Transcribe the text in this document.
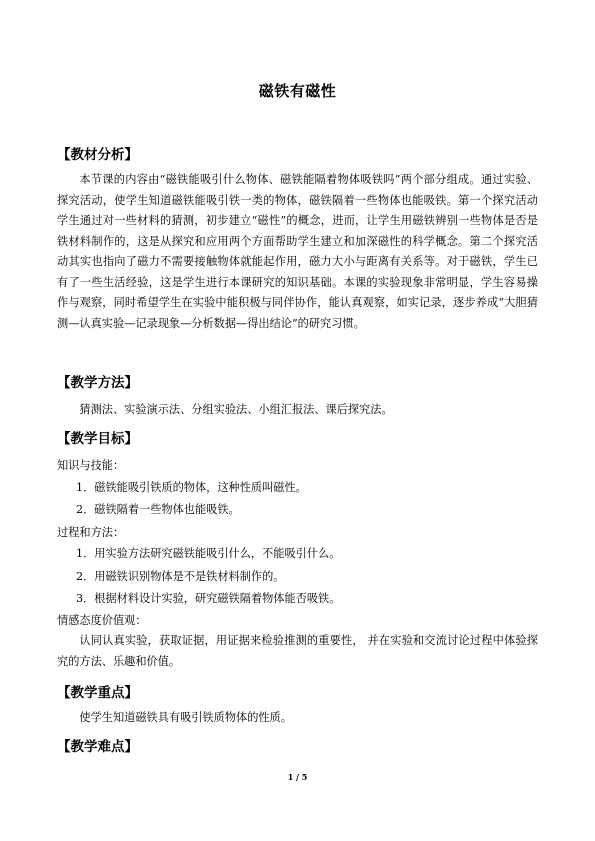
磁铁有磁性
【教材分析】

本节课的内容由“磁铁能吸引什么物体、磁铁能隔着物体吸铁吗”两个部分组成。通过实验、探究活动，使学生知道磁铁能吸引铁一类的物体，磁铁隔着一些物体也能吸铁。第一个探究活动学生通过对一些材料的猜测，初步建立“磁性”的概念，进而，让学生用磁铁辨别一些物体是否是铁材料制作的，这是从探究和应用两个方面帮助学生建立和加深磁性的科学概念。第二个探究活动其实也指向了磁力不需要接触物体就能起作用，磁力大小与距离有关系等。对于磁铁，学生已有了一些生活经验，这是学生进行本课研究的知识基础。本课的实验现象非常明显，学生容易操作与观察，同时希望学生在实验中能积极与同伴协作，能认真观察，如实记录，逐步养成“大胆猜测—认真实验—记录现象—分析数据—得出结论”的研究习惯。

【教学方法】

猜测法、实验演示法、分组实验法、小组汇报法、课后探究法。

【教学目标】
知识与技能：
1．磁铁能吸引铁质的物体，这种性质叫磁性。
2．磁铁隔着一些物体也能吸铁。
过程和方法：
1．用实验方法研究磁铁能吸引什么，不能吸引什么。
2．用磁铁识别物体是不是铁材料制作的。
3．根据材料设计实验，研究磁铁隔着物体能否吸铁。
情感态度价值观：

认同认真实验，获取证据，用证据来检验推测的重要性， 并在实验和交流讨论过程中体验探究的方法、乐趣和价值。

【教学重点】

使学生知道磁铁具有吸引铁质物体的性质。

【教学难点】
1 / 5
